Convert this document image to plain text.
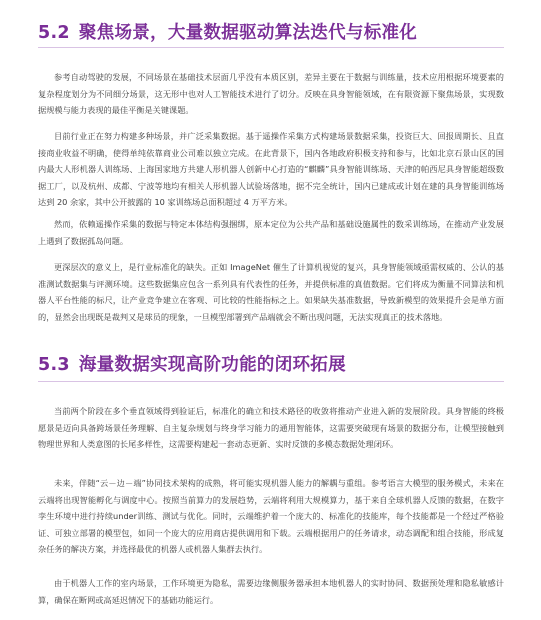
5.2 聚焦场景，大量数据驱动算法迭代与标准化

参考自动驾驶的发展，不同场景在基础技术层面几乎没有本质区别，差异主要在于数据与训练量，技术应用根据环境要素的复杂程度划分为不同细分场景，这无形中也对人工智能技术进行了切分。反映在具身智能领域，在有限资源下聚焦场景，实现数据规模与能力表现的最佳平衡是关键课题。

目前行业正在努力构建多种场景，并广泛采集数据。基于遥操作采集方式构建场景数据采集，投资巨大、回报周期长、且直接商业收益不明确，使得单纯依靠商业公司难以独立完成。在此背景下，国内各地政府积极支持和参与，比如北京石景山区的国内最大人形机器人训练场、上海国家地方共建人形机器人创新中心打造的“麒麟”具身智能训练场、天津的帕西尼具身智能超级数据工厂，以及杭州、成都、宁波等地均有相关人形机器人试验场落地，据不完全统计，国内已建成或计划在建的具身智能训练场达到 20 余家，其中公开披露的 10 家训练场总面积超过 4 万平方米。

然而，依赖遥操作采集的数据与特定本体结构强捆绑，原本定位为公共产品和基础设施属性的数采训练场，在推动产业发展上遇到了数据孤岛问题。

更深层次的意义上，是行业标准化的缺失。正如 ImageNet 催生了计算机视觉的复兴，具身智能领域亟需权威的、公认的基准测试数据集与评测环境。这些数据集应包含一系列具有代表性的任务，并提供标准的真值数据。它们将成为衡量不同算法和机器人平台性能的标尺，让产业竞争建立在客观、可比较的性能指标之上。如果缺失基准数据，导致新模型的效果提升会是单方面的，显然会出现既是裁判又是球员的现象，一旦模型部署到产品端就会不断出现问题，无法实现真正的技术落地。

5.3 海量数据实现高阶功能的闭环拓展

当前两个阶段在多个垂直领域得到验证后，标准化的确立和技术路径的收敛将推动产业进入新的发展阶段。具身智能的终极愿景是迈向具备跨场景任务理解、自主复杂规划与终身学习能力的通用智能体，这需要突破现有场景的数据分布，让模型接触到物理世界和人类意图的长尾多样性，这需要构建起一套动态更新、实时反馈的多模态数据处理闭环。

未来，伴随“云－边－端”协同技术架构的成熟，将可能实现机器人能力的解耦与重组。参考语言大模型的服务模式，未来在云端将出现智能孵化与调度中心。按照当前算力的发展趋势，云端将利用大规模算力，基于来自全球机器人反馈的数据，在数字孪生环境中进行持续under训练、测试与优化。同时，云端维护着一个庞大的、标准化的技能库，每个技能都是一个经过严格验证、可独立部署的模型包，如同一个庞大的应用商店提供调用和下载。云端根据用户的任务请求，动态调配和组合技能，形成复杂任务的解决方案，并选择最优的机器人或机器人集群去执行。

由于机器人工作的室内场景，工作环境更为隐私，需要边缘侧服务器承担本地机器人的实时协同、数据预处理和隐私敏感计算，确保在断网或高延迟情况下的基础功能运行。
